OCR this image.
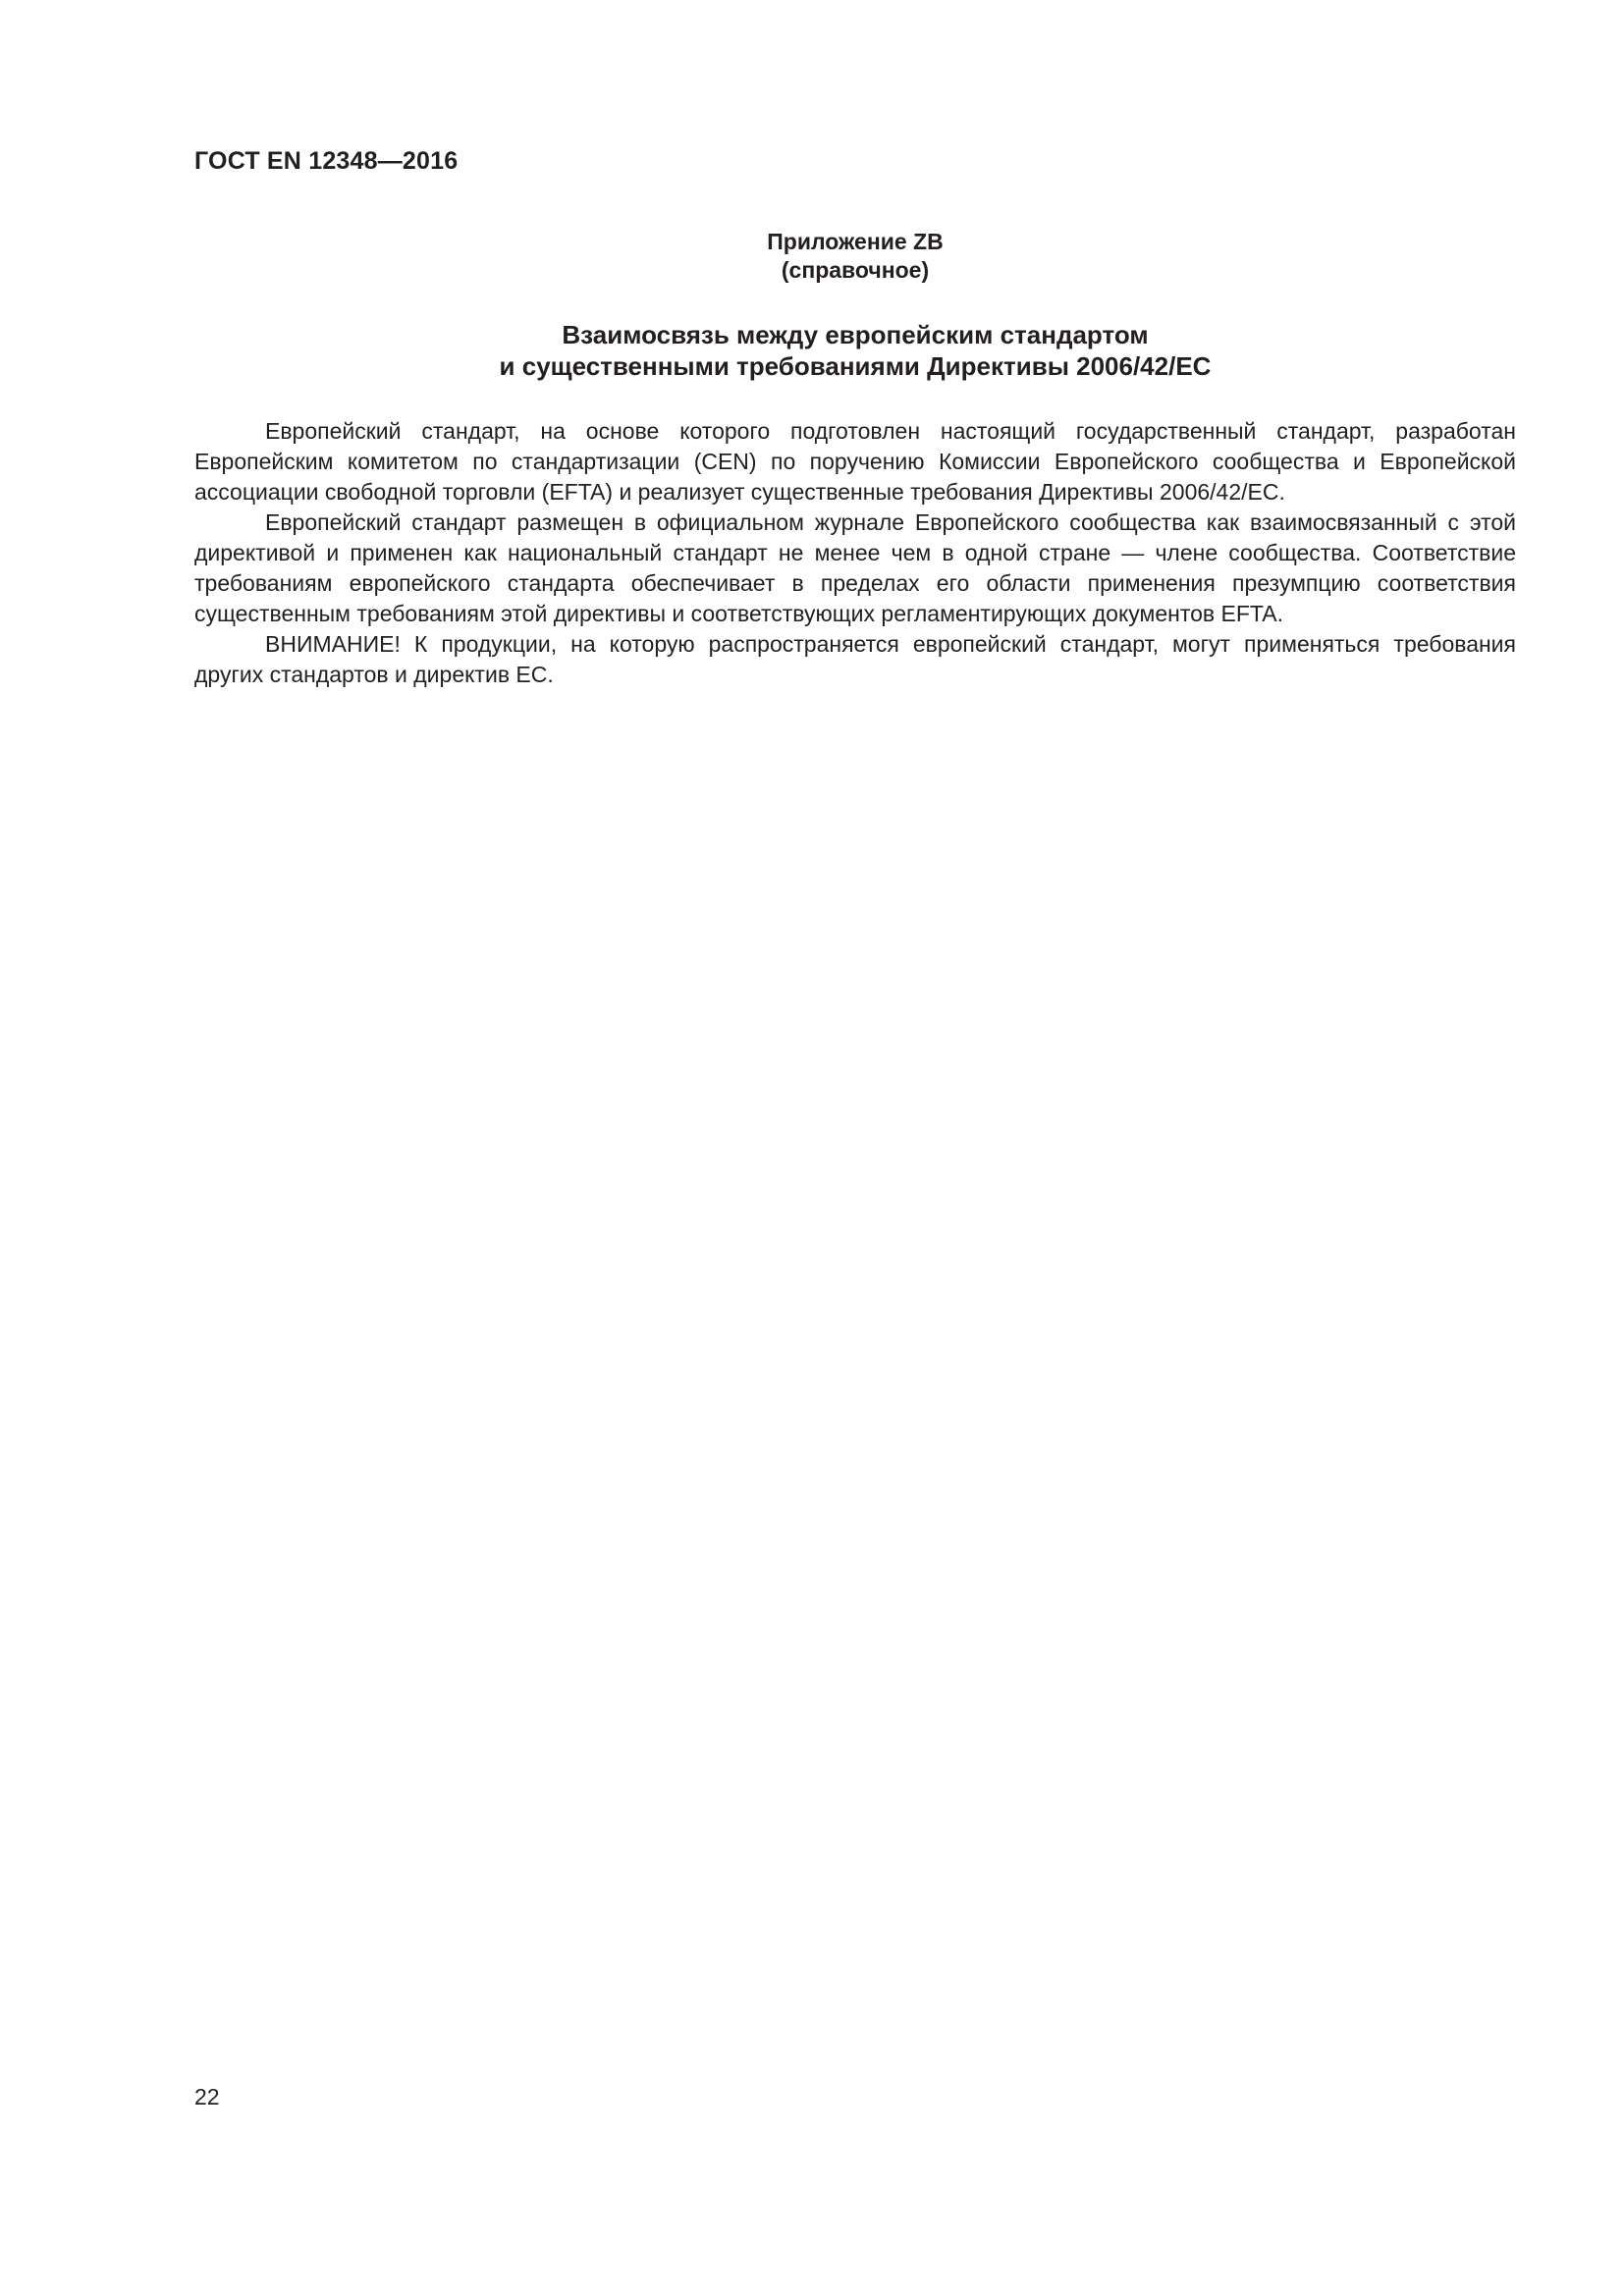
ГОСТ EN 12348—2016

Приложение ZB

(справочное)

Взаимосвязь между европейским стандартом
и существенными требованиями Директивы 2006/42/EC

Европейский стандарт, на основе которого подготовлен настоящий государственный стандарт, разработан Европейским комитетом по стандартизации (CEN) по поручению Комиссии Европейского сообщества и Европейской ассоциации свободной торговли (EFTA) и реализует существенные требования Директивы 2006/42/EC.

Европейский стандарт размещен в официальном журнале Европейского сообщества как взаимосвязанный с этой директивой и применен как национальный стандарт не менее чем в одной стране — члене сообщества. Соответствие требованиям европейского стандарта обеспечивает в пределах его области применения презумпцию соответствия существенным требованиям этой директивы и соответствующих регламентирующих документов EFTA.

ВНИМАНИЕ! К продукции, на которую распространяется европейский стандарт, могут применяться требования других стандартов и директив ЕС.

22
